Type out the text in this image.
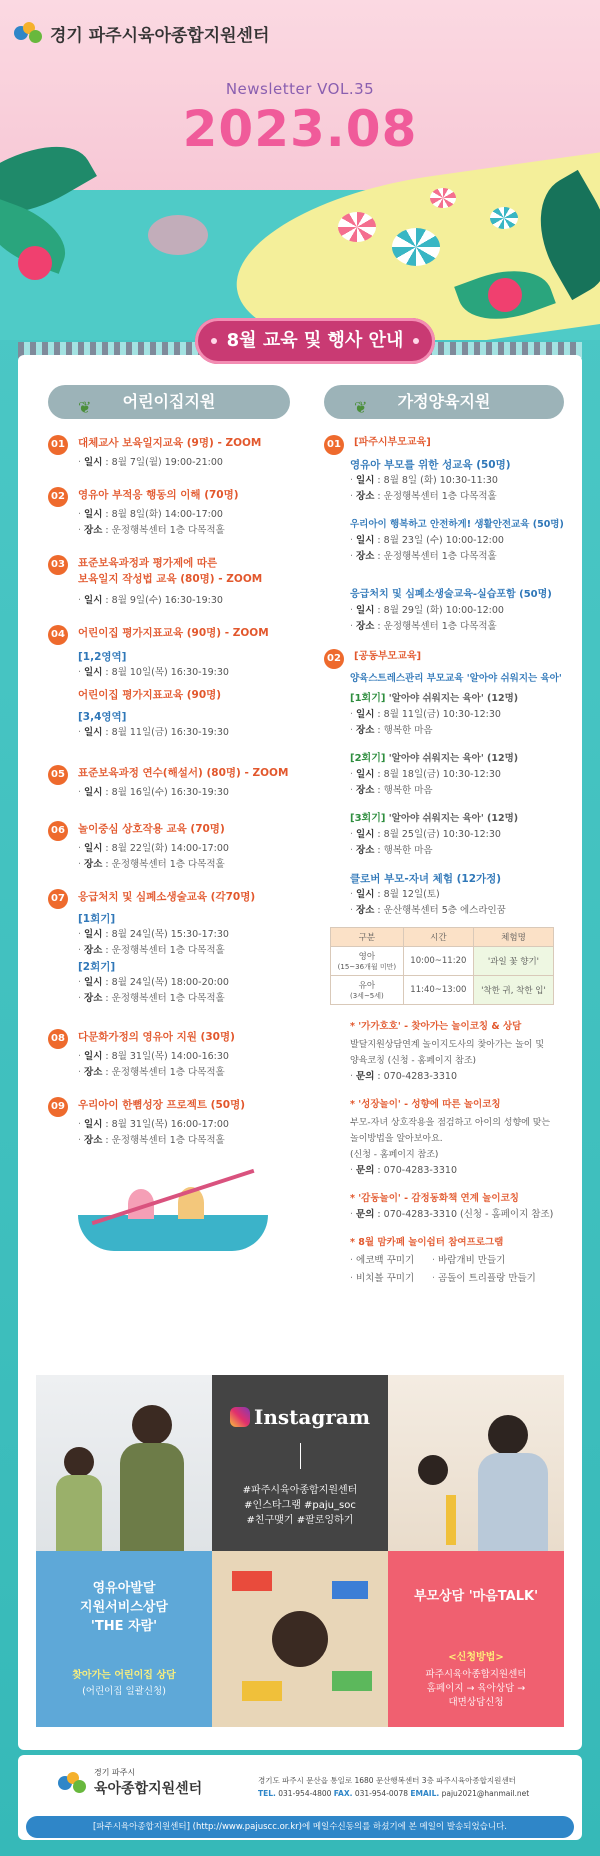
경기 파주시육아종합지원센터
Newsletter VOL.35
2023.08
8월 교육 및 행사 안내
❦ 어린이집지원
01 대체교사 보육일지교육 (9명) - ZOOM
· 일시 : 8월 7일(월) 19:00-21:00
02 영유아 부적응 행동의 이해 (70명)
· 일시 : 8월 8일(화) 14:00-17:00
· 장소 : 운정행복센터 1층 다목적홀
03 표준보육과정과 평가제에 따른
보육일지 작성법 교육 (80명) - ZOOM
· 일시 : 8월 9일(수) 16:30-19:30
04 어린이집 평가지표교육 (90명) - ZOOM
[1,2영역]
· 일시 : 8월 10일(목) 16:30-19:30
어린이집 평가지표교육 (90명)
[3,4영역]
· 일시 : 8월 11일(금) 16:30-19:30
05 표준보육과정 연수(해설서) (80명) - ZOOM
· 일시 : 8월 16일(수) 16:30-19:30
06 놀이중심 상호작용 교육 (70명)
· 일시 : 8월 22일(화) 14:00-17:00
· 장소 : 운정행복센터 1층 다목적홀
07 응급처치 및 심폐소생술교육 (각70명)
[1회기]
· 일시 : 8월 24일(목) 15:30-17:30
· 장소 : 운정행복센터 1층 다목적홀
[2회기]
· 일시 : 8월 24일(목) 18:00-20:00
· 장소 : 운정행복센터 1층 다목적홀
08 다문화가정의 영유아 지원 (30명)
· 일시 : 8월 31일(목) 14:00-16:30
· 장소 : 운정행복센터 1층 다목적홀
09 우리아이 한뼘성장 프로젝트 (50명)
· 일시 : 8월 31일(목) 16:00-17:00
· 장소 : 운정행복센터 1층 다목적홀
❦ 가정양육지원
01	[파주시부모교육]
영유아 부모를 위한 성교육 (50명)
· 일시 : 8월 8일 (화) 10:30-11:30
· 장소 : 운정행복센터 1층 다목적홀
우리아이 행복하고 안전하게! 생활안전교육 (50명)
· 일시 : 8월 23일 (수) 10:00-12:00
· 장소 : 운정행복센터 1층 다목적홀
응급처치 및 심폐소생술교육-실습포함 (50명)
· 일시 : 8월 29일 (화) 10:00-12:00
· 장소 : 운정행복센터 1층 다목적홀
02	[공동부모교육]
양육스트레스관리 부모교육 '알아야 쉬워지는 육아'
[1회기] '알아야 쉬워지는 육아' (12명)
· 일시 : 8월 11일(금) 10:30-12:30
· 장소 : 행복한 마음
[2회기] '알아야 쉬워지는 육아' (12명)
· 일시 : 8월 18일(금) 10:30-12:30
· 장소 : 행복한 마음
[3회기] '알아야 쉬워지는 육아' (12명)
· 일시 : 8월 25일(금) 10:30-12:30
· 장소 : 행복한 마음
클로버 부모-자녀 체험 (12가정)
· 일시 : 8월 12일(토)
· 장소 : 운산행복센터 5층 에스라인꿈
구분	시간	체험명
영아
(15~36개월 미만)	10:00~11:20	'과일 꽃 향기'
유아
(3세~5세)	11:40~13:00	'착한 귀, 착한 입'
* '가가호호' - 찾아가는 놀이코칭 & 상담
발달지원상담연계 놀이지도사의 찾아가는 놀이 및
양육코칭 (신청 - 홈페이지 참조)
· 문의 : 070-4283-3310
* '성장놀이' - 성향에 따른 놀이코칭
부모-자녀 상호작용을 점검하고 아이의 성향에 맞는
놀이방법을 알아보아요.
(신청 - 홈페이지 참조)
· 문의 : 070-4283-3310
* '감동놀이' - 감정동화책 연계 놀이코칭
· 문의 : 070-4283-3310 (신청 - 홈페이지 참조)
* 8월 맘카페 놀이쉼터 참여프로그램
· 에코백 꾸미기	· 바람개비 만들기
· 비치볼 꾸미기	· 곰돌이 트리플랑 만들기
Instagram
#파주시육아종합지원센터
#인스타그램 #paju_soc
#친구맺기 #팔로잉하기
영유아발달
지원서비스상담
'THE 자람'
찾아가는 어린이집 상담
(어린이집 일괄신청)
부모상담 '마음TALK'
<신청방법>
파주시육아종합지원센터
홈페이지 → 육아상담 →
대면상담신청
경기 파주시
육아종합지원센터
경기도 파주시 문산읍 통일로 1680 문산행복센터 3층 파주시육아종합지원센터
TEL. 031-954-4800 FAX. 031-954-0078 EMAIL. paju2021@hanmail.net
[파주시육아종합지원센터] (http://www.pajuscc.or.kr)에 메일수신동의를 하셨기에 본 메일이 발송되었습니다.
